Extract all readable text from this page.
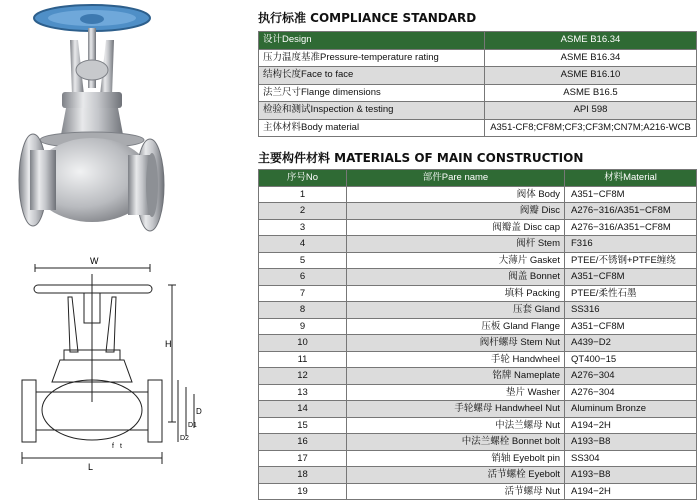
W
H
L
D
D1
D2
f t
执行标准 COMPLIANCE STANDARD
设计Design	ASME B16.34
压力温度基准Pressure-temperature rating	ASME B16.34
结构长度Face to face	ASME B16.10
法兰尺寸Flange dimensions	ASME B16.5
检验和测试Inspection & testing	API 598
主体材料Body material	A351-CF8;CF8M;CF3;CF3M;CN7M;A216-WCB
主要构件材料 MATERIALS OF MAIN CONSTRUCTION
序号No	部件Pare name	材料Material
1	阀体 Body	A351−CF8M
2	阀瓣 Disc	A276−316/A351−CF8M
3	阀瓣盖 Disc cap	A276−316/A351−CF8M
4	阀杆 Stem	F316
5	大薄片 Gasket	PTEE/不锈钢+PTFE缠绕
6	阀盖 Bonnet	A351−CF8M
7	填料 Packing	PTEE/柔性石墨
8	压套 Gland	SS316
9	压板 Gland Flange	A351−CF8M
10	阀杆螺母 Stem Nut	A439−D2
11	手轮 Handwheel	QT400−15
12	铭牌 Nameplate	A276−304
13	垫片 Washer	A276−304
14	手轮螺母 Handwheel Nut	Aluminum Bronze
15	中法兰螺母 Nut	A194−2H
16	中法兰螺栓 Bonnet bolt	A193−B8
17	销轴 Eyebolt pin	SS304
18	活节螺栓 Eyebolt	A193−B8
19	活节螺母 Nut	A194−2H
